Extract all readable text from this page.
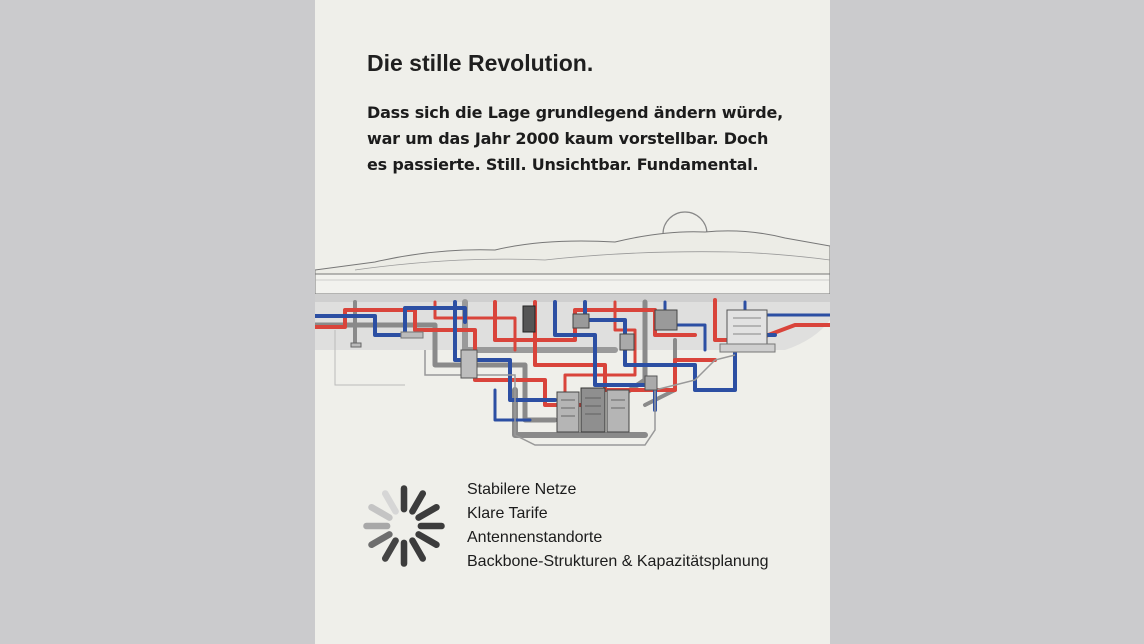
Die stille Revolution.

Dass sich die Lage grundlegend ändern würde, war um das Jahr 2000 kaum vorstellbar. Doch es passierte. Still. Unsichtbar. Fundamental.

Stabilere Netze
Klare Tarife
Antennenstandorte
Backbone-Strukturen & Kapazitätsplanung
